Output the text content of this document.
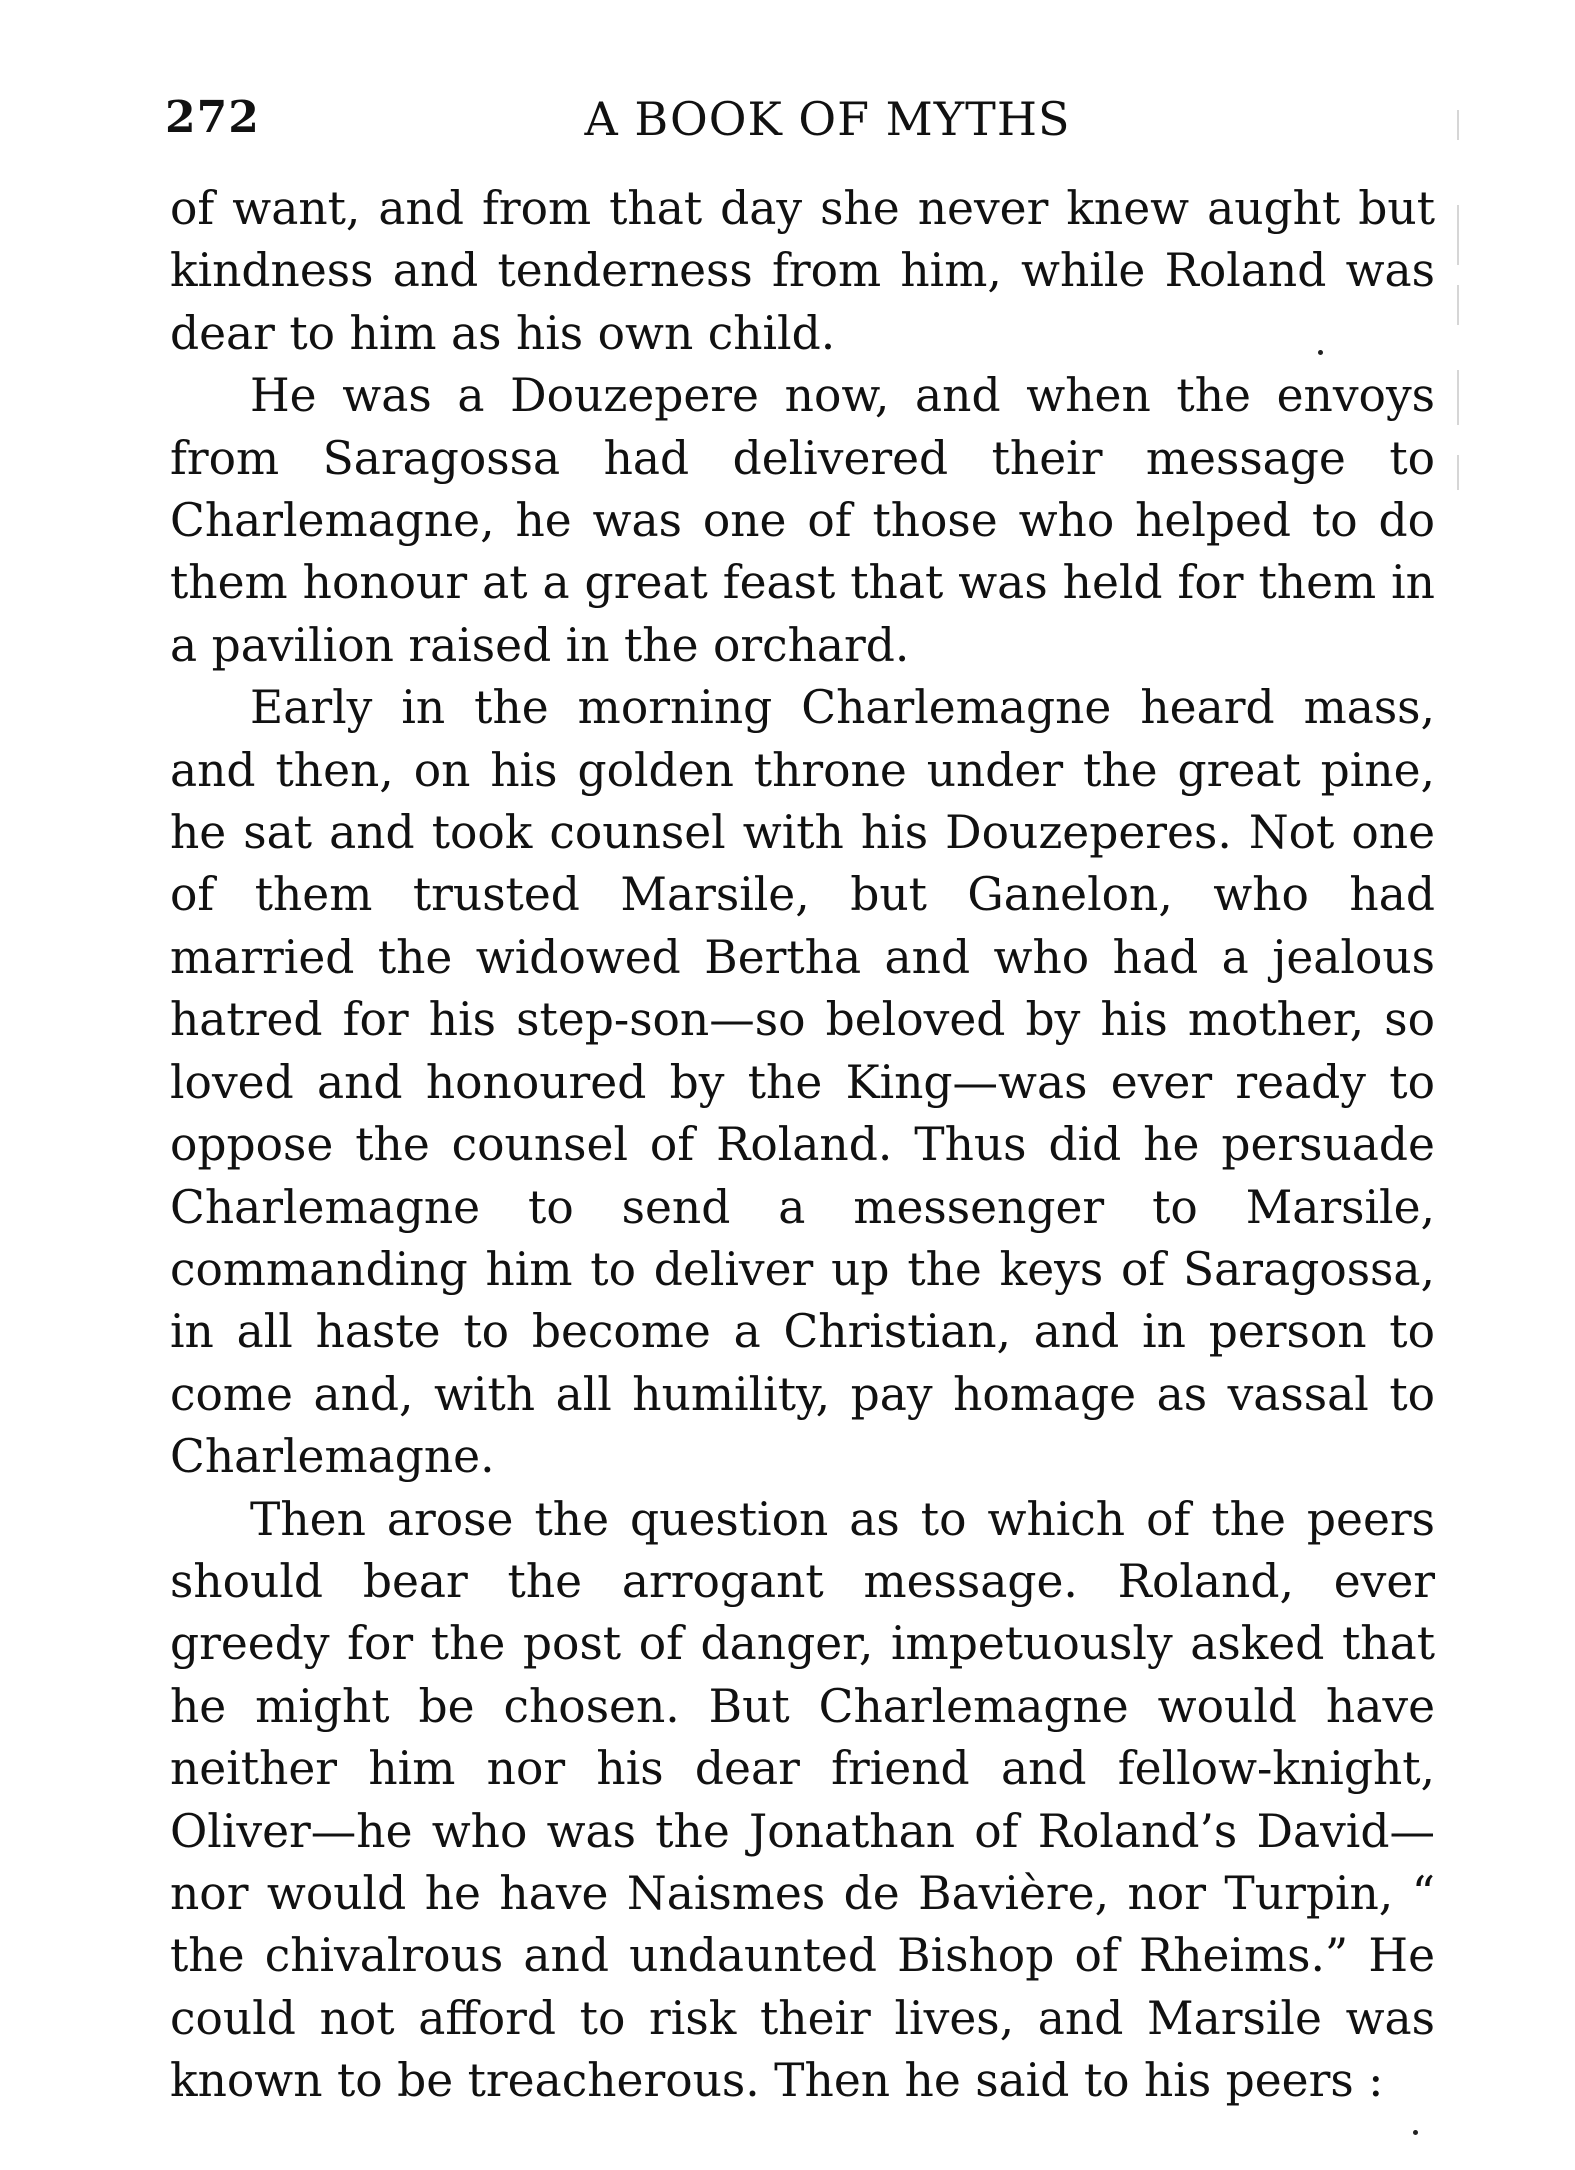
272	A BOOK OF MYTHS

of want, and from that day she never knew aught but kindness and tenderness from him, while Roland was dear to him as his own child.

He was a Douzepere now, and when the envoys from Saragossa had delivered their message to Charlemagne, he was one of those who helped to do them honour at a great feast that was held for them in a pavilion raised in the orchard.

Early in the morning Charlemagne heard mass, and then, on his golden throne under the great pine, he sat and took counsel with his Douzeperes. Not one of them trusted Marsile, but Ganelon, who had married the widowed Bertha and who had a jealous hatred for his step-son—so beloved by his mother, so loved and honoured by the King—was ever ready to oppose the counsel of Roland. Thus did he persuade Charlemagne to send a messenger to Marsile, commanding him to deliver up the keys of Saragossa, in all haste to become a Christian, and in person to come and, with all humility, pay homage as vassal to Charlemagne.

Then arose the question as to which of the peers should bear the arrogant message. Roland, ever greedy for the post of danger, impetuously asked that he might be chosen. But Charlemagne would have neither him nor his dear friend and fellow-knight, Oliver—he who was the Jonathan of Roland’s David—nor would he have Naismes de Bavière, nor Turpin, “ the chivalrous and undaunted Bishop of Rheims.” He could not afford to risk their lives, and Marsile was known to be treacherous. Then he said to his peers :
